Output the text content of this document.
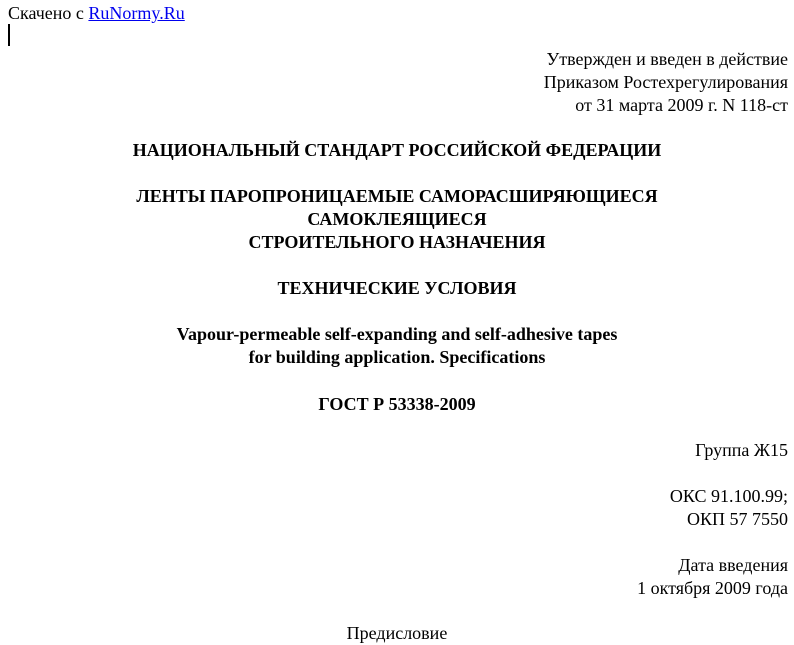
Скачено с RuNormy.Ru
Утвержден и введен в действие
Приказом Ростехрегулирования
от 31 марта 2009 г. N 118-ст
НАЦИОНАЛЬНЫЙ СТАНДАРТ РОССИЙСКОЙ ФЕДЕРАЦИИ
ЛЕНТЫ ПАРОПРОНИЦАЕМЫЕ САМОРАСШИРЯЮЩИЕСЯ
САМОКЛЕЯЩИЕСЯ
СТРОИТЕЛЬНОГО НАЗНАЧЕНИЯ
ТЕХНИЧЕСКИЕ УСЛОВИЯ
Vapour-permeable self-expanding and self-adhesive tapes
for building application. Specifications
ГОСТ Р 53338-2009
Группа Ж15
ОКС 91.100.99;
ОКП 57 7550
Дата введения
1 октября 2009 года
Предисловие
